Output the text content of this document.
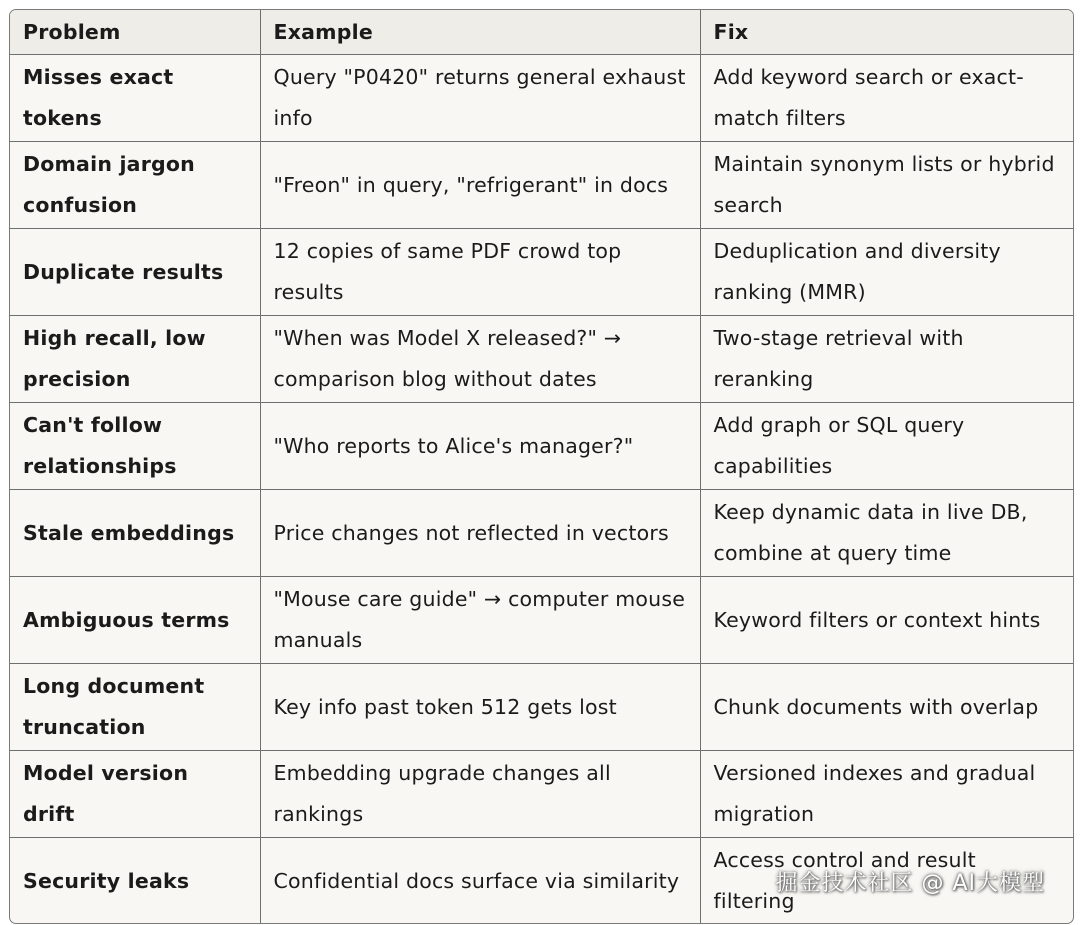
Problem	Example	Fix
Misses exact tokens	Query "P0420" returns general exhaust info	Add keyword search or exact-match filters
Domain jargon confusion	"Freon" in query, "refrigerant" in docs	Maintain synonym lists or hybrid search
Duplicate results	12 copies of same PDF crowd top results	Deduplication and diversity ranking (MMR)
High recall, low precision	"When was Model X released?" → comparison blog without dates	Two-stage retrieval with reranking
Can't follow relationships	"Who reports to Alice's manager?"	Add graph or SQL query capabilities
Stale embeddings	Price changes not reflected in vectors	Keep dynamic data in live DB, combine at query time
Ambiguous terms	"Mouse care guide" → computer mouse manuals	Keyword filters or context hints
Long document truncation	Key info past token 512 gets lost	Chunk documents with overlap
Model version drift	Embedding upgrade changes all rankings	Versioned indexes and gradual migration
Security leaks	Confidential docs surface via similarity	Access control and result filtering
掘金技术社区 @ AI大模型
